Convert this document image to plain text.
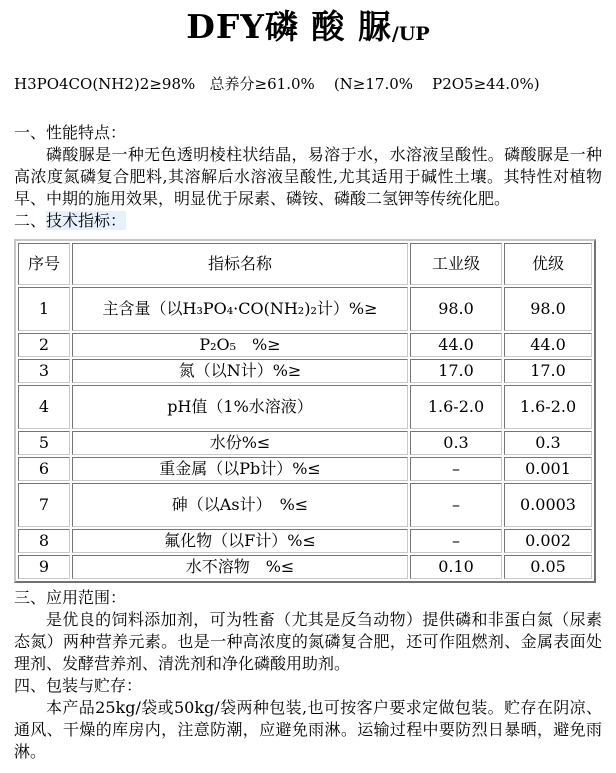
DFY磷 酸 脲/UP
H3PO4CO(NH2)2≥98%   总养分≥61.0%    (N≥17.0%    P2O5≥44.0%)
一、性能特点：

磷酸脲是一种无色透明棱柱状结晶，易溶于水，水溶液呈酸性。磷酸脲是一种高浓度氮磷复合肥料,其溶解后水溶液呈酸性,尤其适用于碱性土壤。其特性对植物早、中期的施用效果，明显优于尿素、磷铵、磷酸二氢钾等传统化肥。

二、技术指标：
序号	指标名称	工业级	优级
1	主含量（以H₃PO₄·CO(NH₂)₂计）%≥	98.0	98.0
2	P₂O₅　%≥	44.0	44.0
3	氮（以N计）%≥	17.0	17.0
4	pH值（1%水溶液）	1.6-2.0	1.6-2.0
5	水份%≤	0.3	0.3
6	重金属（以Pb计）%≤	–	0.001
7	砷（以As计）　%≤	–	0.0003
8	氟化物（以F计）%≤	–	0.002
9	水不溶物　%≤	0.10	0.05
三、应用范围：

是优良的饲料添加剂，可为牲畜（尤其是反刍动物）提供磷和非蛋白氮（尿素态氮）两种营养元素。也是一种高浓度的氮磷复合肥，还可作阻燃剂、金属表面处理剂、发酵营养剂、清洗剂和净化磷酸用助剂。

四、包装与贮存：

本产品25kg/袋或50kg/袋两种包装,也可按客户要求定做包装。贮存在阴凉、通风、干燥的库房内，注意防潮，应避免雨淋。运输过程中要防烈日暴晒，避免雨淋。
